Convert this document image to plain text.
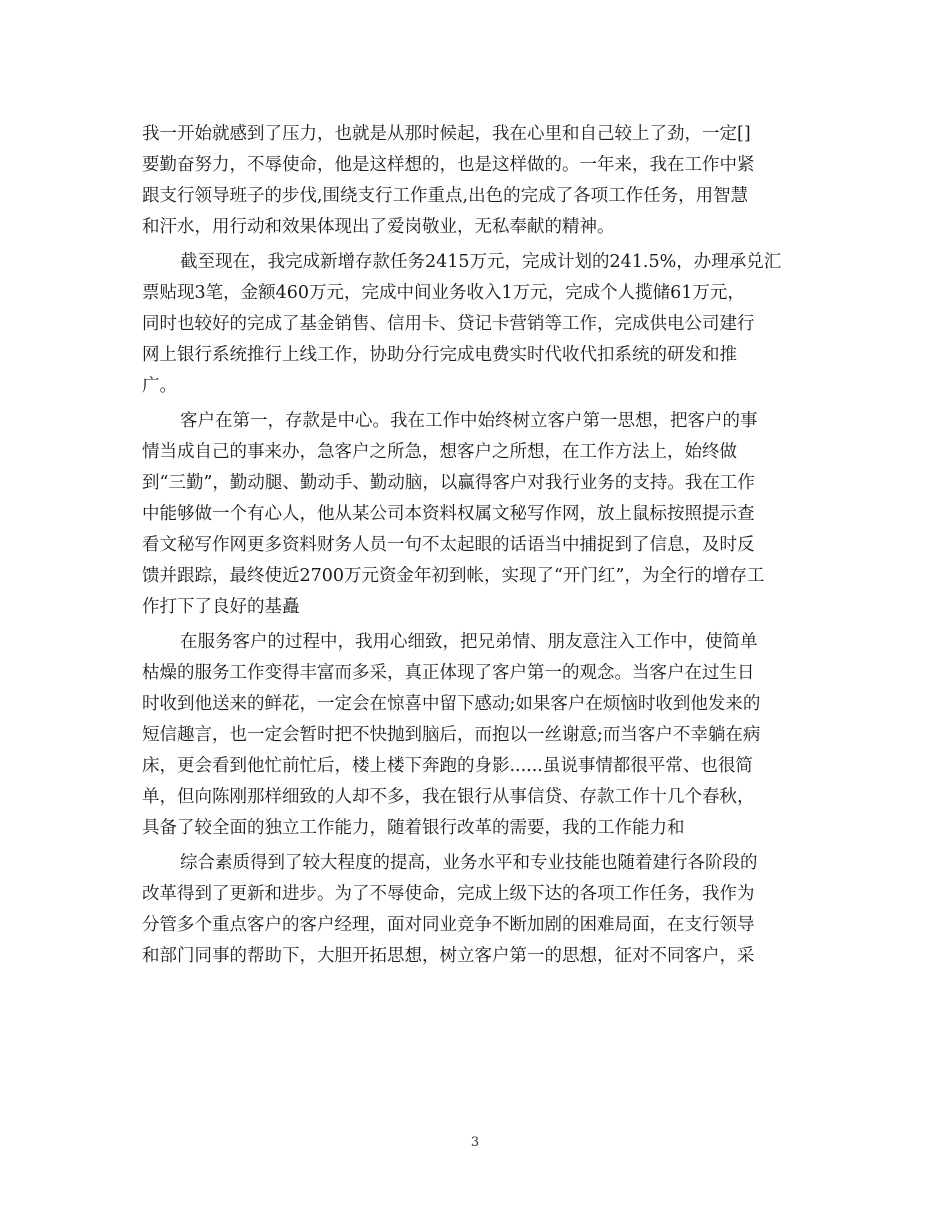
我一开始就感到了压力，也就是从那时候起，我在心里和自己较上了劲，一定[]
要勤奋努力，不辱使命，他是这样想的，也是这样做的。一年来，我在工作中紧
跟支行领导班子的步伐,围绕支行工作重点,出色的完成了各项工作任务，用智慧
和汗水，用行动和效果体现出了爱岗敬业，无私奉献的精神。
截至现在，我完成新增存款任务2415万元，完成计划的241.5%，办理承兑汇
票贴现3笔，金额460万元，完成中间业务收入1万元，完成个人揽储61万元，
同时也较好的完成了基金销售、信用卡、贷记卡营销等工作，完成供电公司建行
网上银行系统推行上线工作，协助分行完成电费实时代收代扣系统的研发和推
广。
客户在第一，存款是中心。我在工作中始终树立客户第一思想，把客户的事
情当成自己的事来办，急客户之所急，想客户之所想，在工作方法上，始终做
到“三勤”，勤动腿、勤动手、勤动脑，以赢得客户对我行业务的支持。我在工作
中能够做一个有心人，他从某公司本资料权属文秘写作网，放上鼠标按照提示查
看文秘写作网更多资料财务人员一句不太起眼的话语当中捕捉到了信息，及时反
馈并跟踪，最终使近2700万元资金年初到帐，实现了“开门红”，为全行的增存工
作打下了良好的基矗
在服务客户的过程中，我用心细致，把兄弟情、朋友意注入工作中，使简单
枯燥的服务工作变得丰富而多采，真正体现了客户第一的观念。当客户在过生日
时收到他送来的鲜花，一定会在惊喜中留下感动;如果客户在烦恼时收到他发来的
短信趣言，也一定会暂时把不快抛到脑后，而抱以一丝谢意;而当客户不幸躺在病
床，更会看到他忙前忙后，楼上楼下奔跑的身影......虽说事情都很平常、也很简
单，但向陈刚那样细致的人却不多，我在银行从事信贷、存款工作十几个春秋，
具备了较全面的独立工作能力，随着银行改革的需要，我的工作能力和
综合素质得到了较大程度的提高，业务水平和专业技能也随着建行各阶段的
改革得到了更新和进步。为了不辱使命，完成上级下达的各项工作任务，我作为
分管多个重点客户的客户经理，面对同业竞争不断加剧的困难局面，在支行领导
和部门同事的帮助下，大胆开拓思想，树立客户第一的思想，征对不同客户，采
3
